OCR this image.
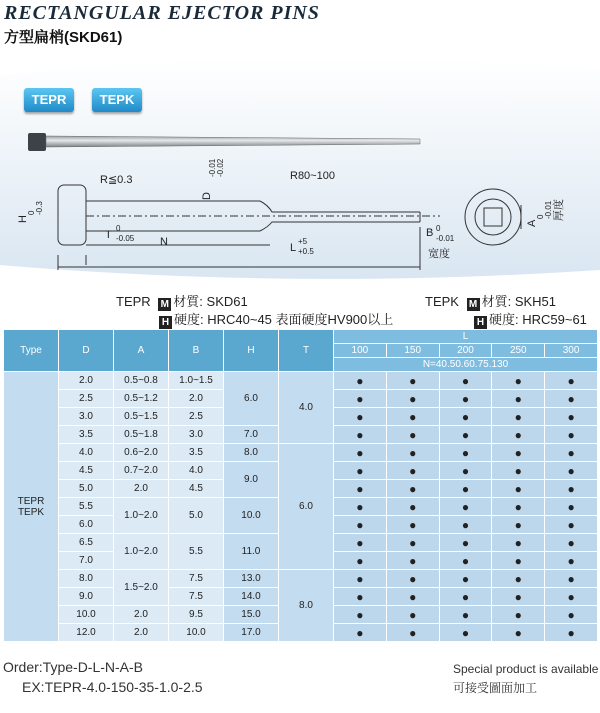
RECTANGULAR EJECTOR PINS
方型扁梢(SKD61)
R≦0.3
D
-0.01 -0.02	R80~100
H
0 -0.3
T
0
-0.05 N	L
+5
+0.5
B 0
-0.01
宽度
A
0 -0.01 厚度
TEPR	TEPK
TEPR M 材質: SKD61
H 硬度: HRC40~45 表面硬度HV900以上
TEPK M 材質: SKH51
H 硬度: HRC59~61
Type	D	A	B	H	T	L				
						100	150	200	250	300
						N=40.50.60.75.130				

TEPR
TEPK	2.0	0.5~0.8	1.0~1.5	6.0	4.0	●	●	●	●	●
	2.5	0.5~1.2	2.0			●	●	●	●	●
	3.0	0.5~1.5	2.5			●	●	●	●	●
	3.5	0.5~1.8	3.0	7.0		●	●	●	●	●
	4.0	0.6~2.0	3.5	8.0	6.0	●	●	●	●	●
	4.5	0.7~2.0	4.0	9.0		●	●	●	●	●
	5.0	2.0	4.5			●	●	●	●	●
	5.5	1.0~2.0	5.0	10.0		●	●	●	●	●
	6.0					●	●	●	●	●
	6.5	1.0~2.0	5.5	11.0		●	●	●	●	●
	7.0					●	●	●	●	●
	8.0	1.5~2.0	7.5	13.0	8.0	●	●	●	●	●
	9.0		7.5	14.0		●	●	●	●	●
	10.0	2.0	9.5	15.0		●	●	●	●	●
	12.0	2.0	10.0	17.0		●	●	●	●	●
Order:Type-D-L-N-A-B
EX:TEPR-4.0-150-35-1.0-2.5
Special product is available
可接受圖面加工
